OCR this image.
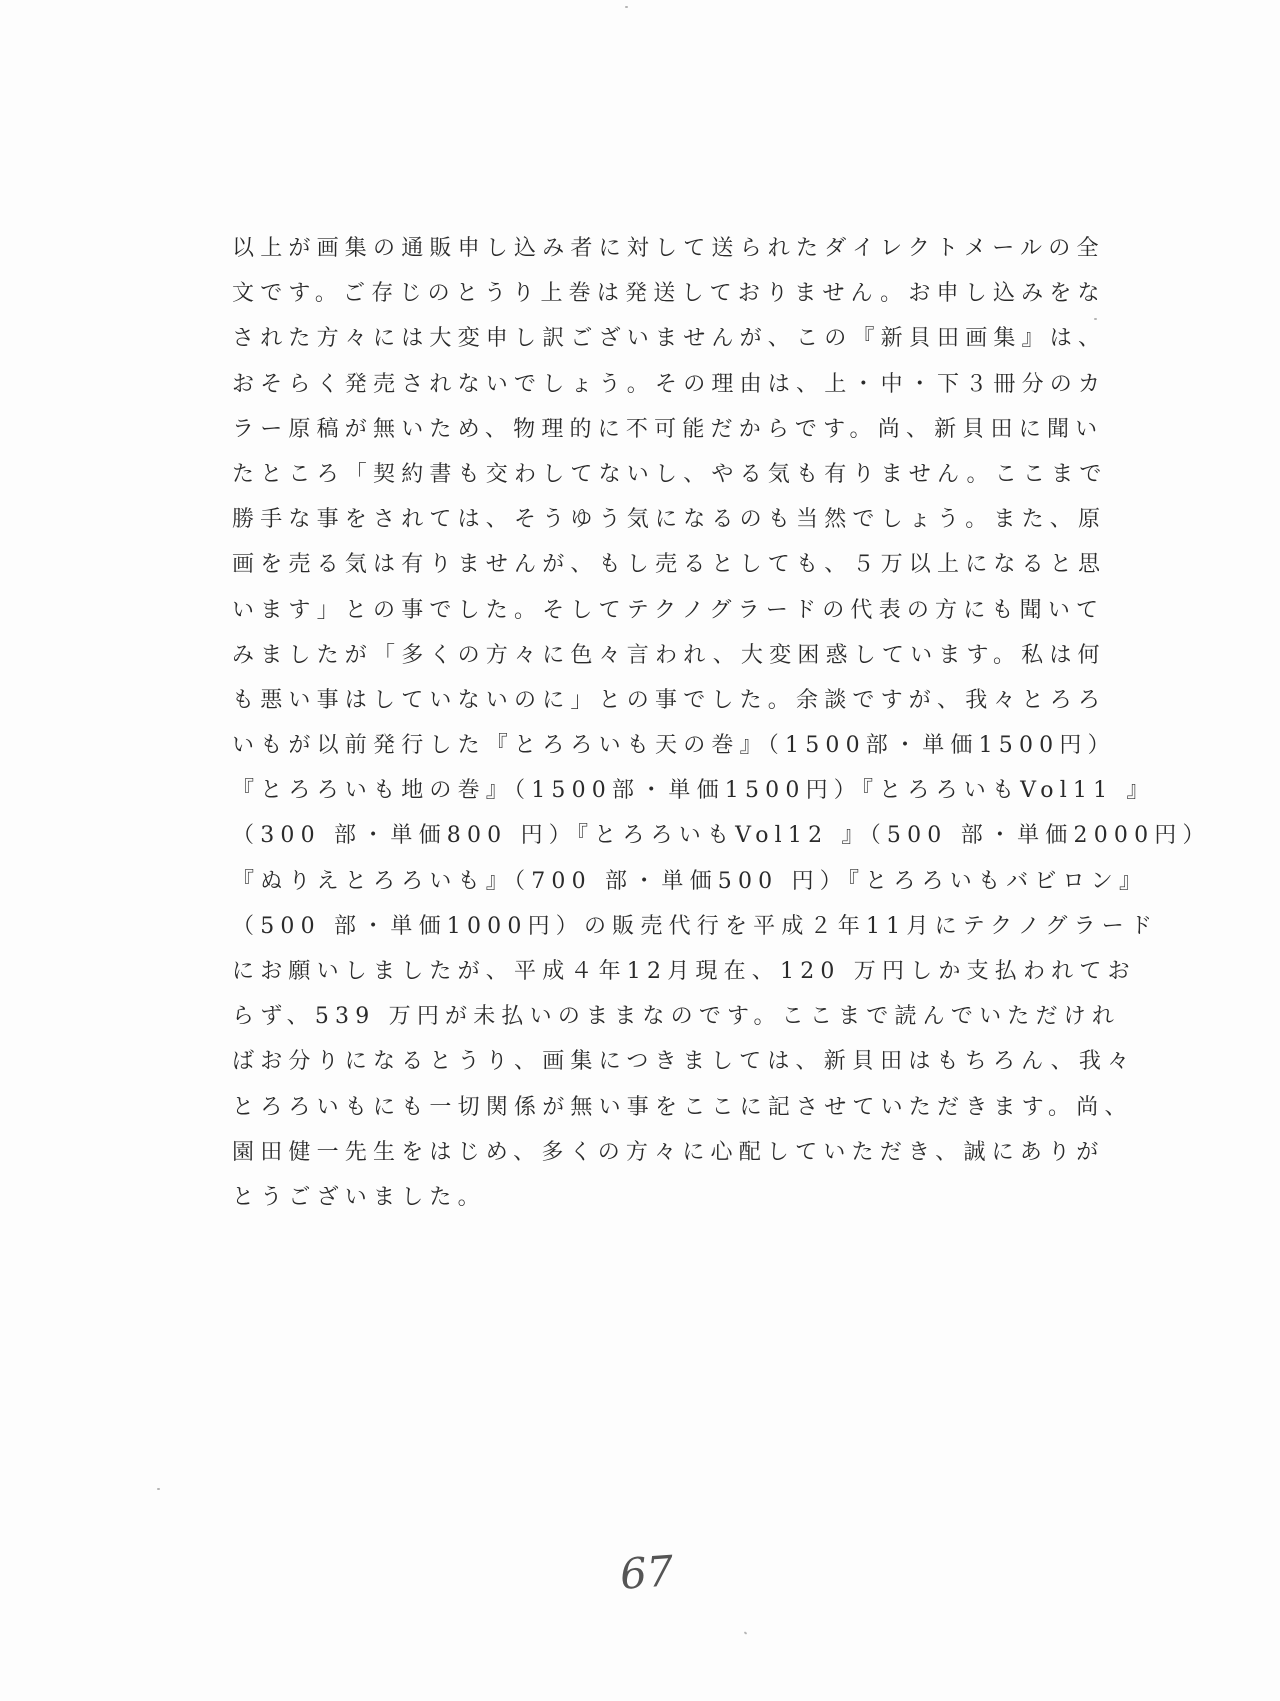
以上が画集の通販申し込み者に対して送られたダイレクトメールの全
文です。ご存じのとうり上巻は発送しておりません。お申し込みをな
された方々には大変申し訳ございませんが、この『新貝田画集』は、
おそらく発売されないでしょう。その理由は、上・中・下３冊分のカ
ラー原稿が無いため、物理的に不可能だからです。尚、新貝田に聞い
たところ「契約書も交わしてないし、やる気も有りません。ここまで
勝手な事をされては、そうゆう気になるのも当然でしょう。また、原
画を売る気は有りませんが、もし売るとしても、５万以上になると思
います」との事でした。そしてテクノグラードの代表の方にも聞いて
みましたが「多くの方々に色々言われ、大変困惑しています。私は何
も悪い事はしていないのに」との事でした。余談ですが、我々とろろ
いもが以前発行した『とろろいも天の巻』（1500部・単価1500円）
『とろろいも地の巻』（1500部・単価1500円）『とろろいもVol11 』
（300 部・単価800 円）『とろろいもVol12 』（500 部・単価2000円）
『ぬりえとろろいも』（700 部・単価500 円）『とろろいもバビロン』
（500 部・単価1000円）の販売代行を平成２年11月にテクノグラード
にお願いしましたが、平成４年12月現在、120 万円しか支払われてお
らず、539 万円が未払いのままなのです。ここまで読んでいただけれ
ばお分りになるとうり、画集につきましては、新貝田はもちろん、我々
とろろいもにも一切関係が無い事をここに記させていただきます。尚、
園田健一先生をはじめ、多くの方々に心配していただき、誠にありが
とうございました。
67
